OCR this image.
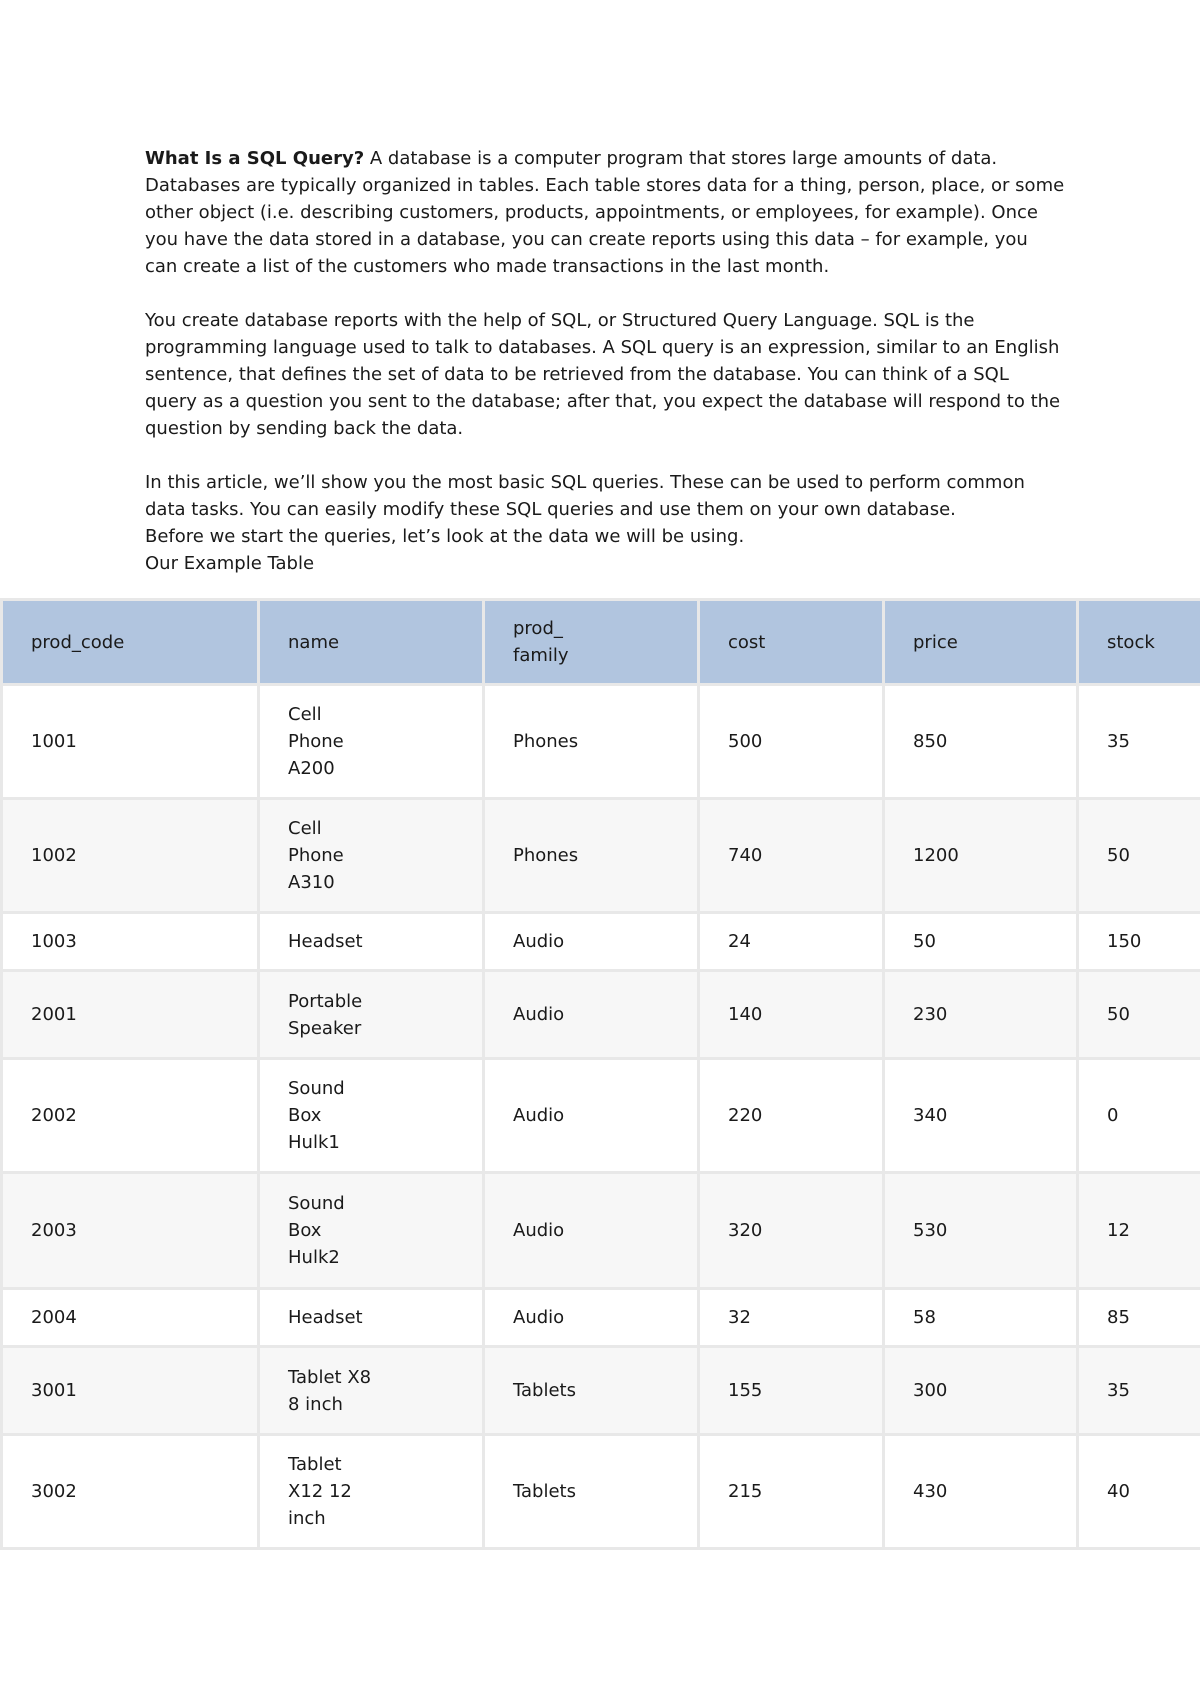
What Is a SQL Query? A database is a computer program that stores large amounts of data. Databases are typically organized in tables. Each table stores data for a thing, person, place, or some other object (i.e. describing customers, products, appointments, or employees, for example). Once you have the data stored in a database, you can create reports using this data – for example, you can create a list of the customers who made transactions in the last month.

You create database reports with the help of SQL, or Structured Query Language. SQL is the programming language used to talk to databases. A SQL query is an expression, similar to an English sentence, that defines the set of data to be retrieved from the database. You can think of a SQL query as a question you sent to the database; after that, you expect the database will respond to the question by sending back the data.

In this article, we’ll show you the most basic SQL queries. These can be used to perform common data tasks. You can easily modify these SQL queries and use them on your own database.

Before we start the queries, let’s look at the data we will be using.

Our Example Table

prod_code	name	prod_
family	cost	price	stock
1001	Cell
Phone
A200	Phones	500	850	35
1002	Cell
Phone
A310	Phones	740	1200	50
1003	Headset	Audio	24	50	150
2001	Portable
Speaker	Audio	140	230	50
2002	Sound
Box
Hulk1	Audio	220	340	0
2003	Sound
Box
Hulk2	Audio	320	530	12
2004	Headset	Audio	32	58	85
3001	Tablet X8
8 inch	Tablets	155	300	35
3002	Tablet
X12 12
inch	Tablets	215	430	40
